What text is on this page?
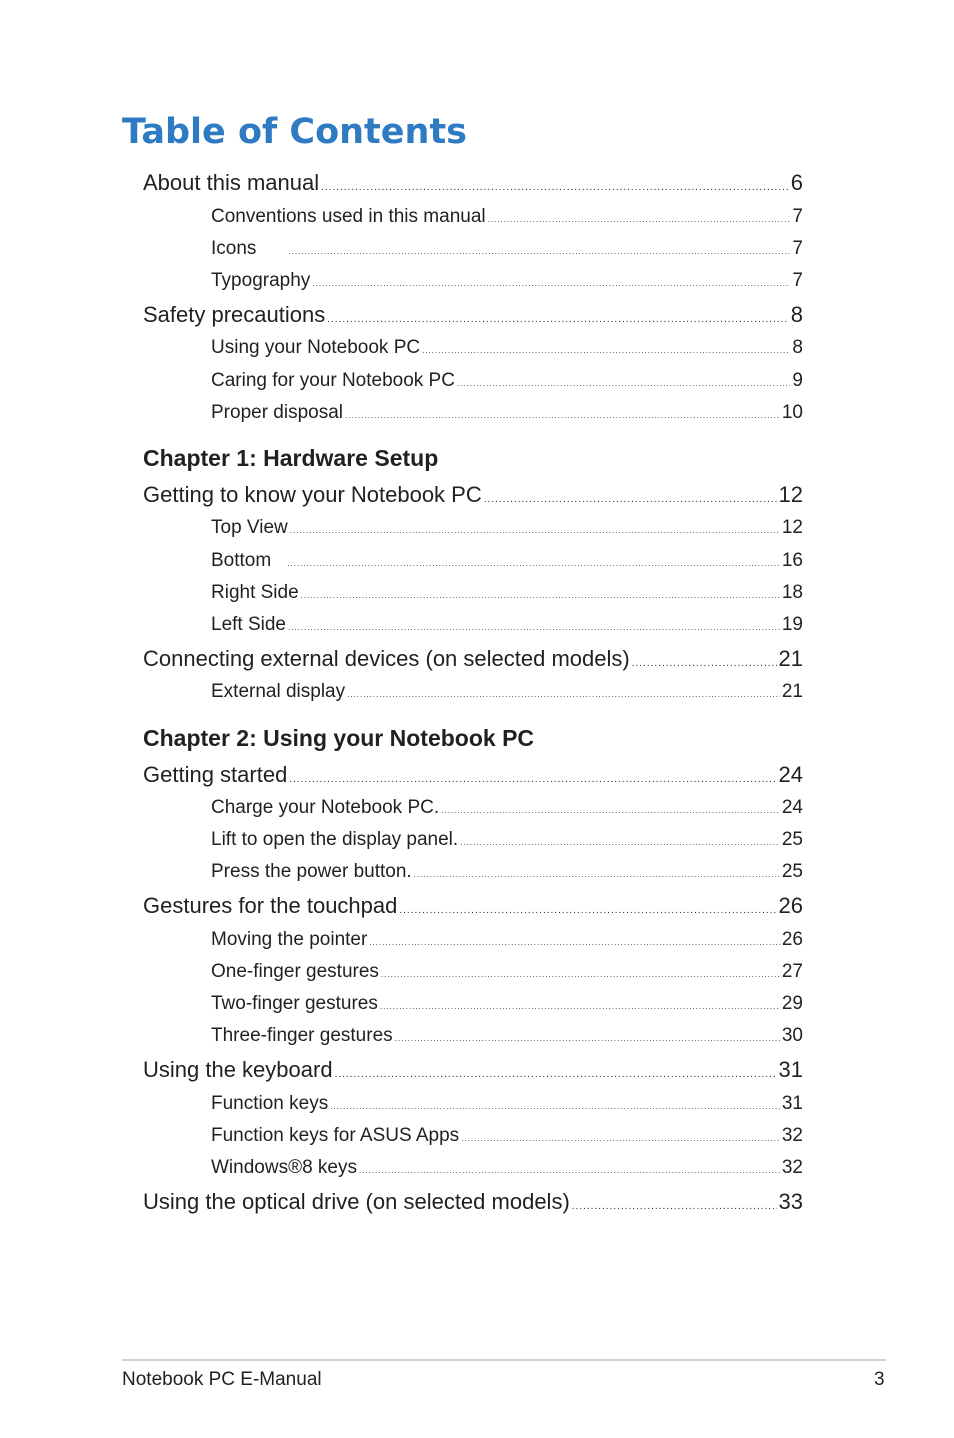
Table of Contents
About this manual .....	6
Conventions used in this manual .....	7
Icons .....	7
Typography .....	7
Safety precautions .....	8
Using your Notebook PC .....	8
Caring for your Notebook PC .....	9
Proper disposal .....	10
Chapter 1: Hardware Setup
Getting to know your Notebook PC .....	12
Top View .....	12
Bottom .....	16
Right Side .....	18
Left Side .....	19
Connecting external devices (on selected models) .....	21
External display .....	21
Chapter 2: Using your Notebook PC
Getting started .....	24
Charge your Notebook PC. .....	24
Lift to open the display panel. .....	25
Press the power button. .....	25
Gestures for the touchpad .....	26
Moving the pointer .....	26
One-finger gestures .....	27
Two-finger gestures .....	29
Three-finger gestures .....	30
Using the keyboard .....	31
Function keys .....	31
Function keys for ASUS Apps .....	32
Windows®8 keys .....	32
Using the optical drive (on selected models) .....	33
Notebook PC E-Manual	3
